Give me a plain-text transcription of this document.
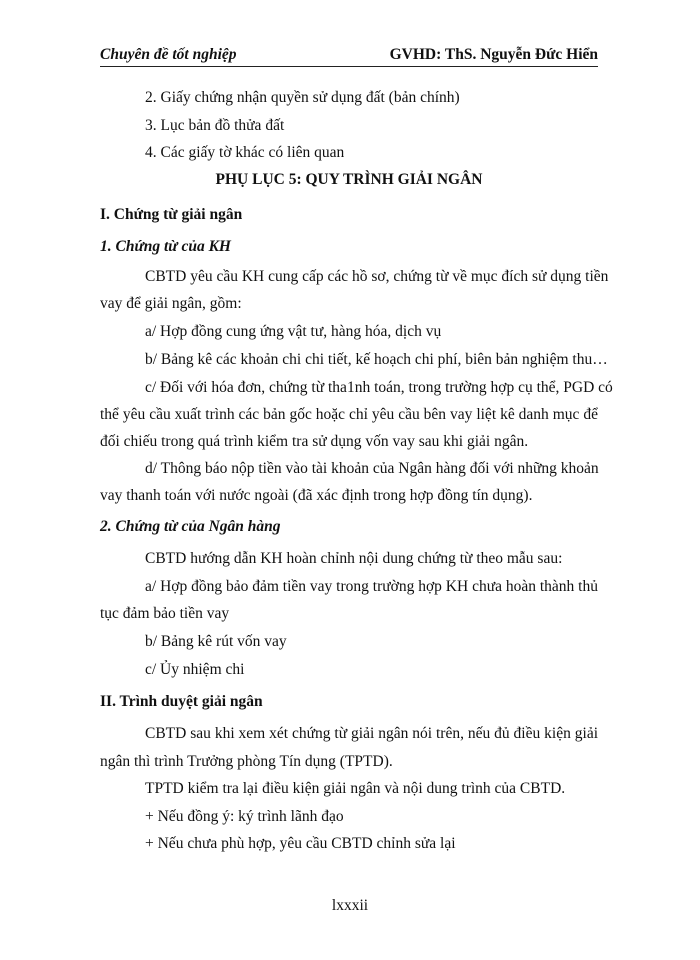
Chuyên đề tốt nghiệp	GVHD: ThS. Nguyễn Đức Hiển
2. Giấy chứng nhận quyền sử dụng đất (bản chính)
3. Lục bản đồ thửa đất
4. Các giấy tờ khác có liên quan
PHỤ LỤC 5: QUY TRÌNH GIẢI NGÂN
I. Chứng từ giải ngân
1. Chứng từ của KH
CBTD yêu cầu KH cung cấp các hồ sơ, chứng từ về mục đích sử dụng tiền
vay để giải ngân, gồm:
a/ Hợp đồng cung ứng vật tư, hàng hóa, dịch vụ
b/ Bảng kê các khoản chi chi tiết, kế hoạch chi phí, biên bản nghiệm thu…
c/ Đối với hóa đơn, chứng từ tha1nh toán, trong trường hợp cụ thể, PGD có
thể yêu cầu xuất trình các bản gốc hoặc chỉ yêu cầu bên vay liệt kê danh mục để
đối chiếu trong quá trình kiểm tra sử dụng vốn vay sau khi giải ngân.
d/ Thông báo nộp tiền vào tài khoản của Ngân hàng đối với những khoản
vay thanh toán với nước ngoài (đã xác định trong hợp đồng tín dụng).
2. Chứng từ của Ngân hàng
CBTD hướng dẫn KH hoàn chỉnh nội dung chứng từ theo mẫu sau:
a/ Hợp đồng bảo đảm tiền vay trong trường hợp KH chưa hoàn thành thủ
tục đảm bảo tiền vay
b/ Bảng kê rút vốn vay
c/ Ủy nhiệm chi
II. Trình duyệt giải ngân
CBTD sau khi xem xét chứng từ giải ngân nói trên, nếu đủ điều kiện giải
ngân thì trình Trưởng phòng Tín dụng (TPTD).
TPTD kiểm tra lại điều kiện giải ngân và nội dung trình của CBTD.
+ Nếu đồng ý: ký trình lãnh đạo
+ Nếu chưa phù hợp, yêu cầu CBTD chỉnh sửa lại
lxxxii
